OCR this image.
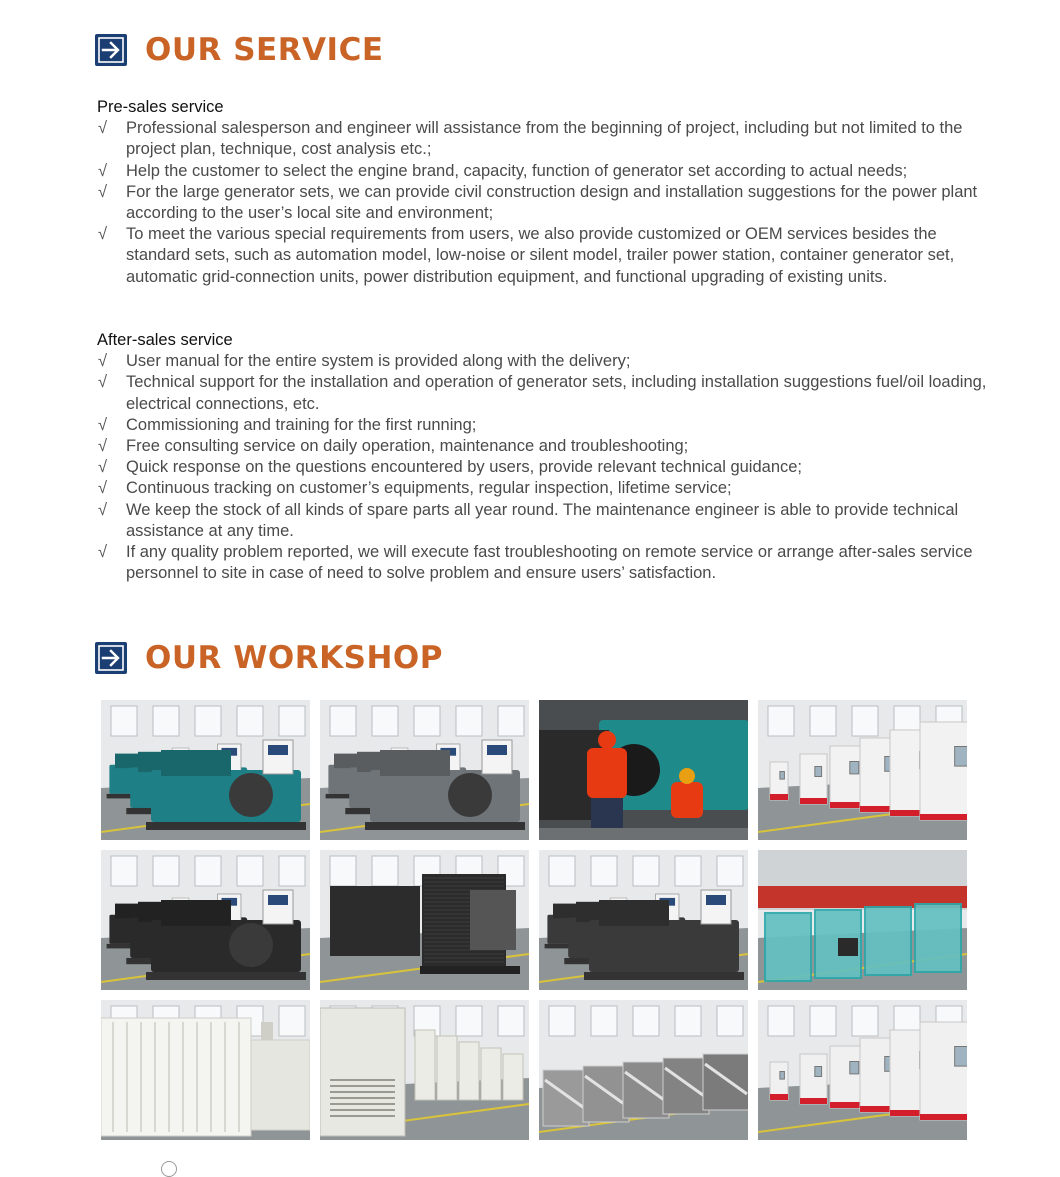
OUR SERVICE

Pre-sales service

√ Professional salesperson and engineer will assistance from the beginning of project, including but not limited to the project plan, technique, cost analysis etc.;
√ Help the customer to select the engine brand, capacity, function of generator set according to actual needs;
√ For the large generator sets, we can provide civil construction design and installation suggestions for the power plant according to the user’s local site and environment;
√ To meet the various special requirements from users, we also provide customized or OEM services besides the standard sets, such as automation model, low-noise or silent model, trailer power station, container generator set, automatic grid-connection units, power distribution equipment, and functional upgrading of existing units.

After-sales service

√ User manual for the entire system is provided along with the delivery;
√ Technical support for the installation and operation of generator sets, including installation suggestions fuel/oil loading, electrical connections, etc.
√ Commissioning and training for the first running;
√ Free consulting service on daily operation, maintenance and troubleshooting;
√ Quick response on the questions encountered by users, provide relevant technical guidance;
√ Continuous tracking on customer’s equipments, regular inspection, lifetime service;
√ We keep the stock of all kinds of spare parts all year round. The maintenance engineer is able to provide technical assistance at any time.
√ If any quality problem reported, we will execute fast troubleshooting on remote service or arrange after-sales service personnel to site in case of need to solve problem and ensure users’ satisfaction.
OUR WORKSHOP
